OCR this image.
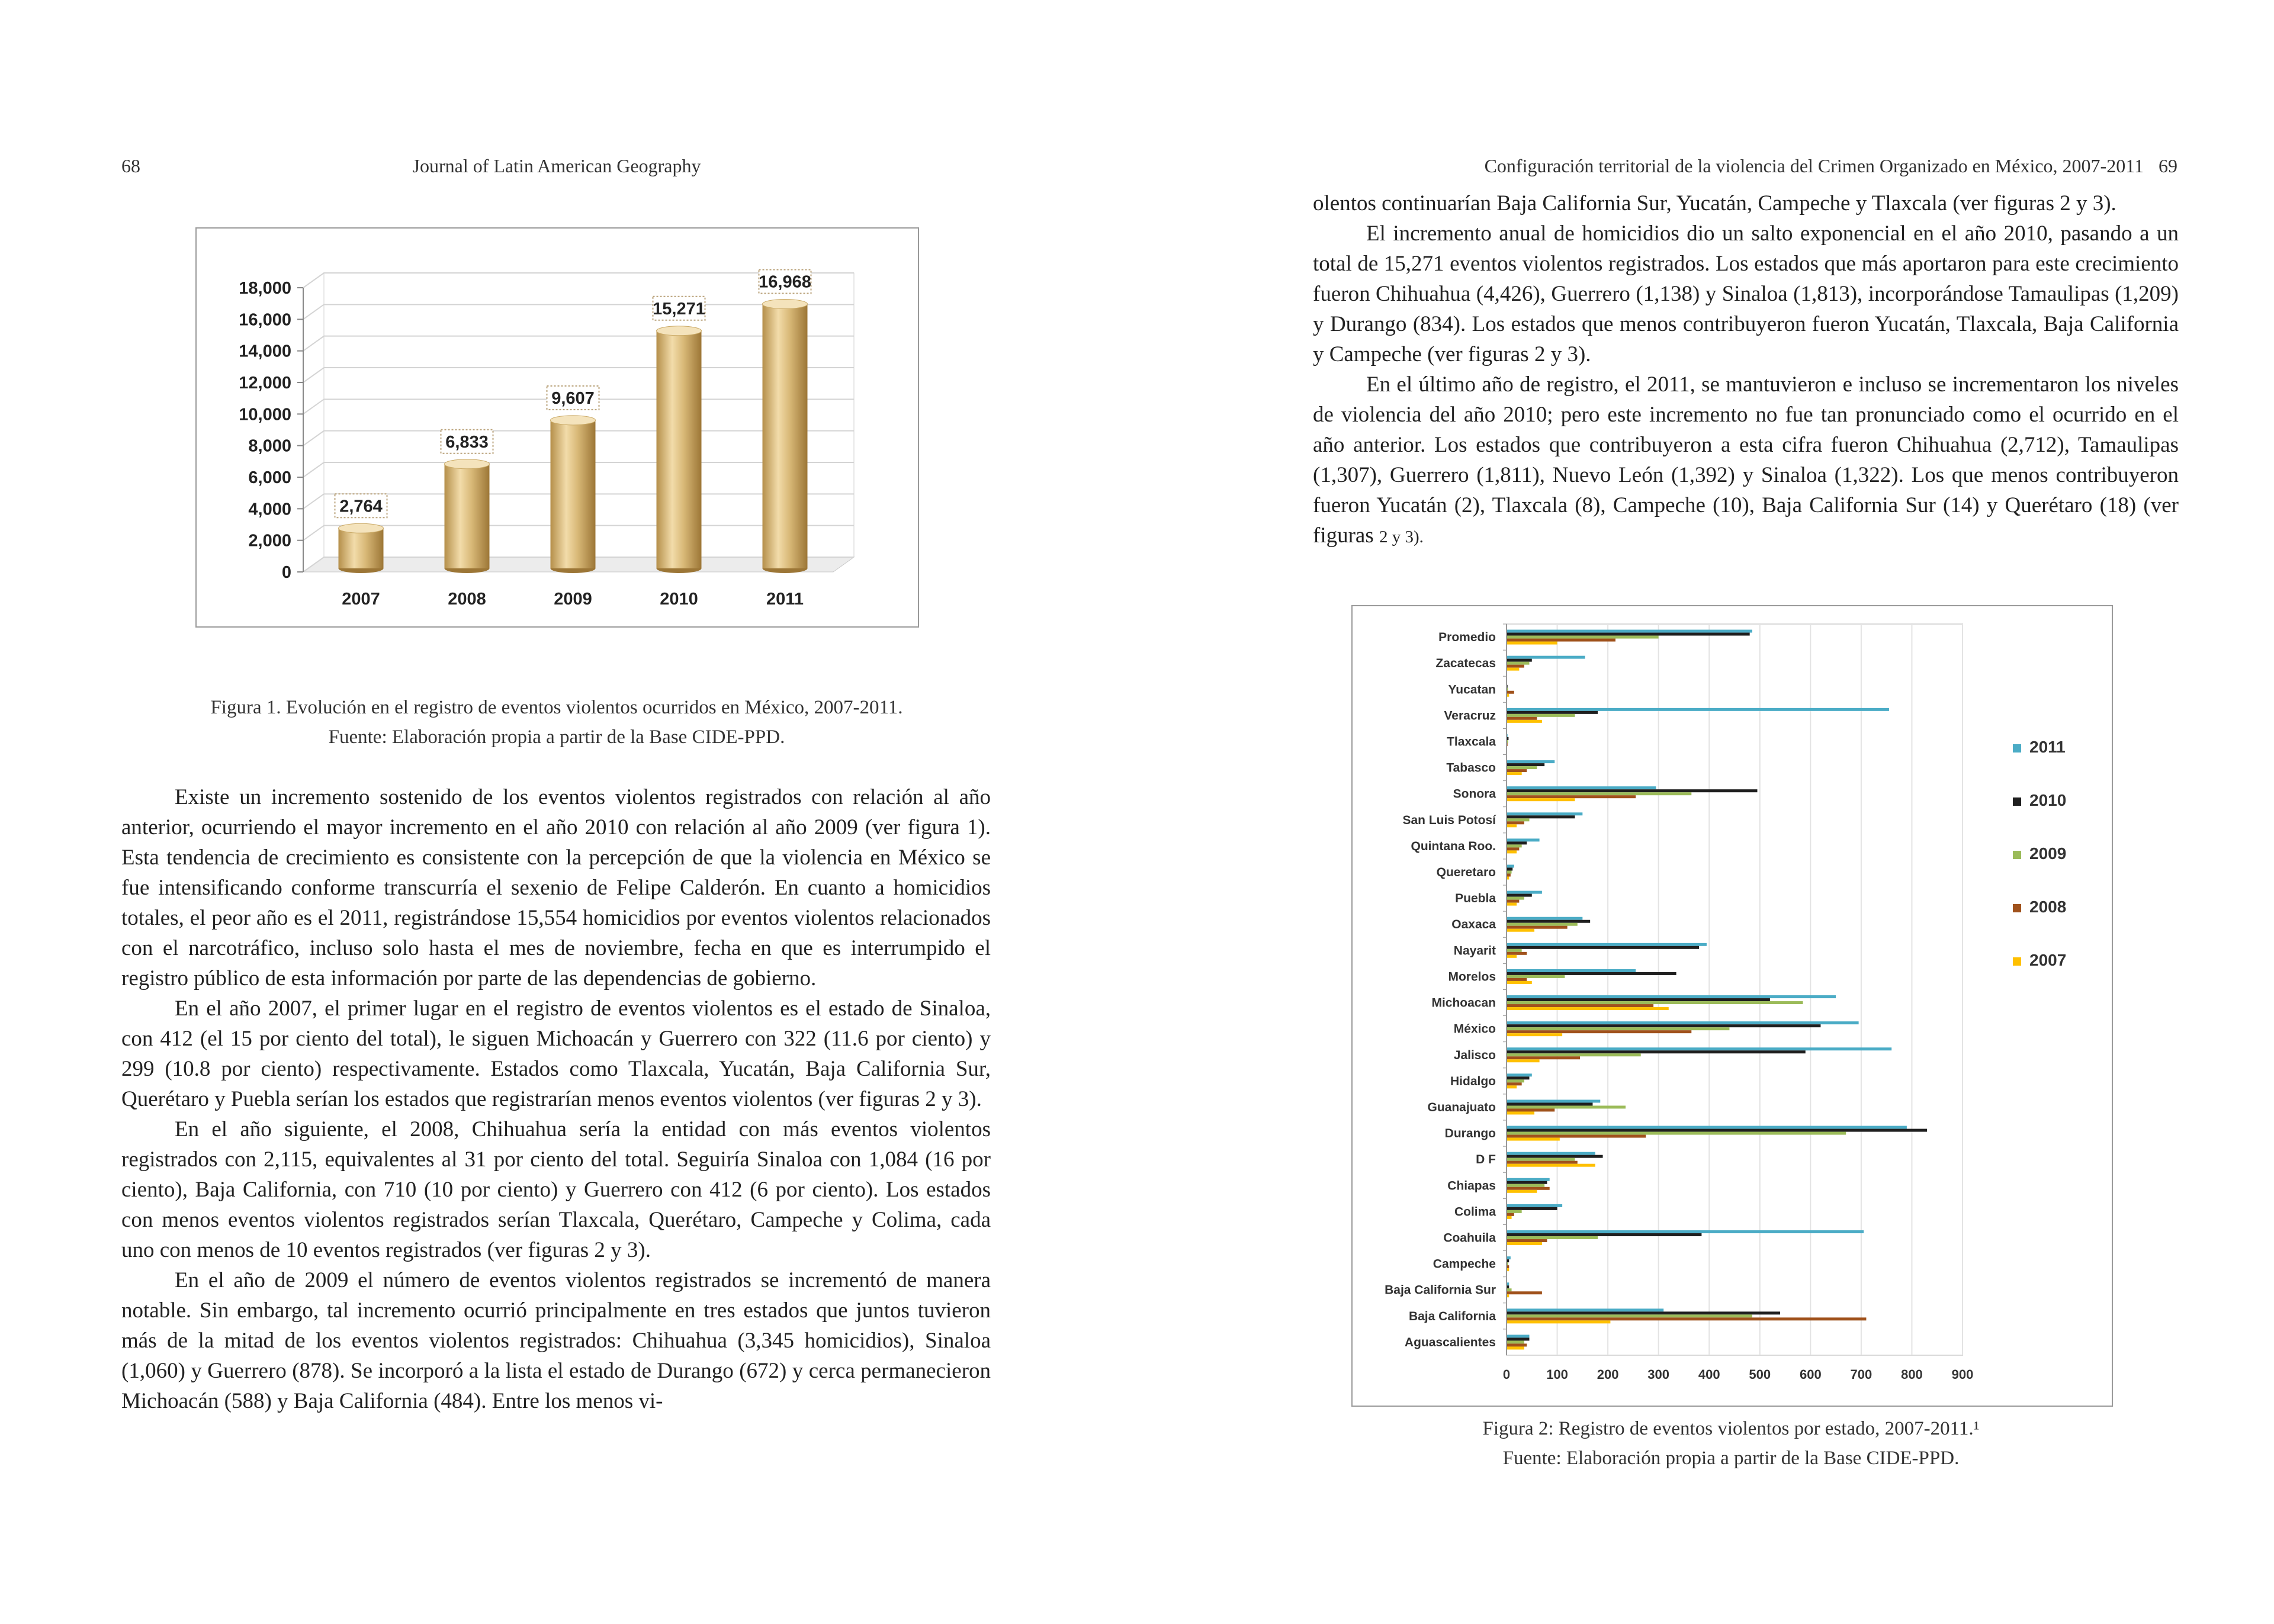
68	Journal of Latin American Geography
0
2,000
4,000
6,000
8,000
10,000
12,000
14,000
16,000
18,000
2,764
2007
6,833
2008
9,607
2009
15,271
2010
16,968
2011
Figura 1. Evolución en el registro de eventos violentos ocurridos en México, 2007-2011.
Fuente: Elaboración propia a partir de la Base CIDE-PPD.

Existe un incremento sostenido de los eventos violentos registrados con relación al año anterior, ocurriendo el mayor incremento en el año 2010 con relación al año 2009 (ver figura 1). Esta tendencia de crecimiento es consistente con la percepción de que la violencia en México se fue intensificando conforme transcurría el sexenio de Felipe Calderón. En cuanto a homicidios totales, el peor año es el 2011, registrándose 15,554 homicidios por eventos violentos relacionados con el narcotráfico, incluso solo hasta el mes de noviembre, fecha en que es interrumpido el registro público de esta información por parte de las dependencias de gobierno.

En el año 2007, el primer lugar en el registro de eventos violentos es el estado de Sinaloa, con 412 (el 15 por ciento del total), le siguen Michoacán y Guerrero con 322 (11.6 por ciento) y 299 (10.8 por ciento) respectivamente. Estados como Tlaxcala, Yucatán, Baja California Sur, Querétaro y Puebla serían los estados que registrarían menos eventos violentos (ver figuras 2 y 3).

En el año siguiente, el 2008, Chihuahua sería la entidad con más eventos violentos registrados con 2,115, equivalentes al 31 por ciento del total. Seguiría Sinaloa con 1,084 (16 por ciento), Baja California, con 710 (10 por ciento) y Guerrero con 412 (6 por ciento). Los estados con menos eventos violentos registrados serían Tlaxcala, Querétaro, Campeche y Colima, cada uno con menos de 10 eventos registrados (ver figuras 2 y 3).

En el año de 2009 el número de eventos violentos registrados se incrementó de manera notable. Sin embargo, tal incremento ocurrió principalmente en tres estados que juntos tuvieron más de la mitad de los eventos violentos registrados: Chihuahua (3,345 homicidios), Sinaloa (1,060) y Guerrero (878). Se incorporó a la lista el estado de Durango (672) y cerca permanecieron Michoacán (588) y Baja California (484). Entre los menos vi-

Configuración territorial de la violencia del Crimen Organizado en México, 2007-2011 69

olentos continuarían Baja California Sur, Yucatán, Campeche y Tlaxcala (ver figuras 2 y 3).

El incremento anual de homicidios dio un salto exponencial en el año 2010, pasando a un total de 15,271 eventos violentos registrados. Los estados que más aportaron para este crecimiento fueron Chihuahua (4,426), Guerrero (1,138) y Sinaloa (1,813), incorporándose Tamaulipas (1,209) y Durango (834). Los estados que menos contribuyeron fueron Yucatán, Tlaxcala, Baja California y Campeche (ver figuras 2 y 3).

En el último año de registro, el 2011, se mantuvieron e incluso se incrementaron los niveles de violencia del año 2010; pero este incremento no fue tan pronunciado como el ocurrido en el año anterior. Los estados que contribuyeron a esta cifra fueron Chihuahua (2,712), Tamaulipas (1,307), Guerrero (1,811), Nuevo León (1,392) y Sinaloa (1,322). Los que menos contribuyeron fueron Yucatán (2), Tlaxcala (8), Campeche (10), Baja California Sur (14) y Querétaro (18) (ver figuras 2 y 3).

0	100 200 300 400 500 600 700 800 900
Promedio
Zacatecas
Yucatan
Veracruz
Tlaxcala
Tabasco
Sonora
San Luis Potosí
Quintana Roo.
Queretaro
Puebla
Oaxaca
Nayarit
Morelos
Michoacan
México
Jalisco
Hidalgo
Guanajuato
Durango
D F
Chiapas
Colima
Coahuila
Campeche
Baja California Sur
Baja California
Aguascalientes
2011
2010
2009
2008
2007
Figura 2: Registro de eventos violentos por estado, 2007-2011.¹
Fuente: Elaboración propia a partir de la Base CIDE-PPD.
